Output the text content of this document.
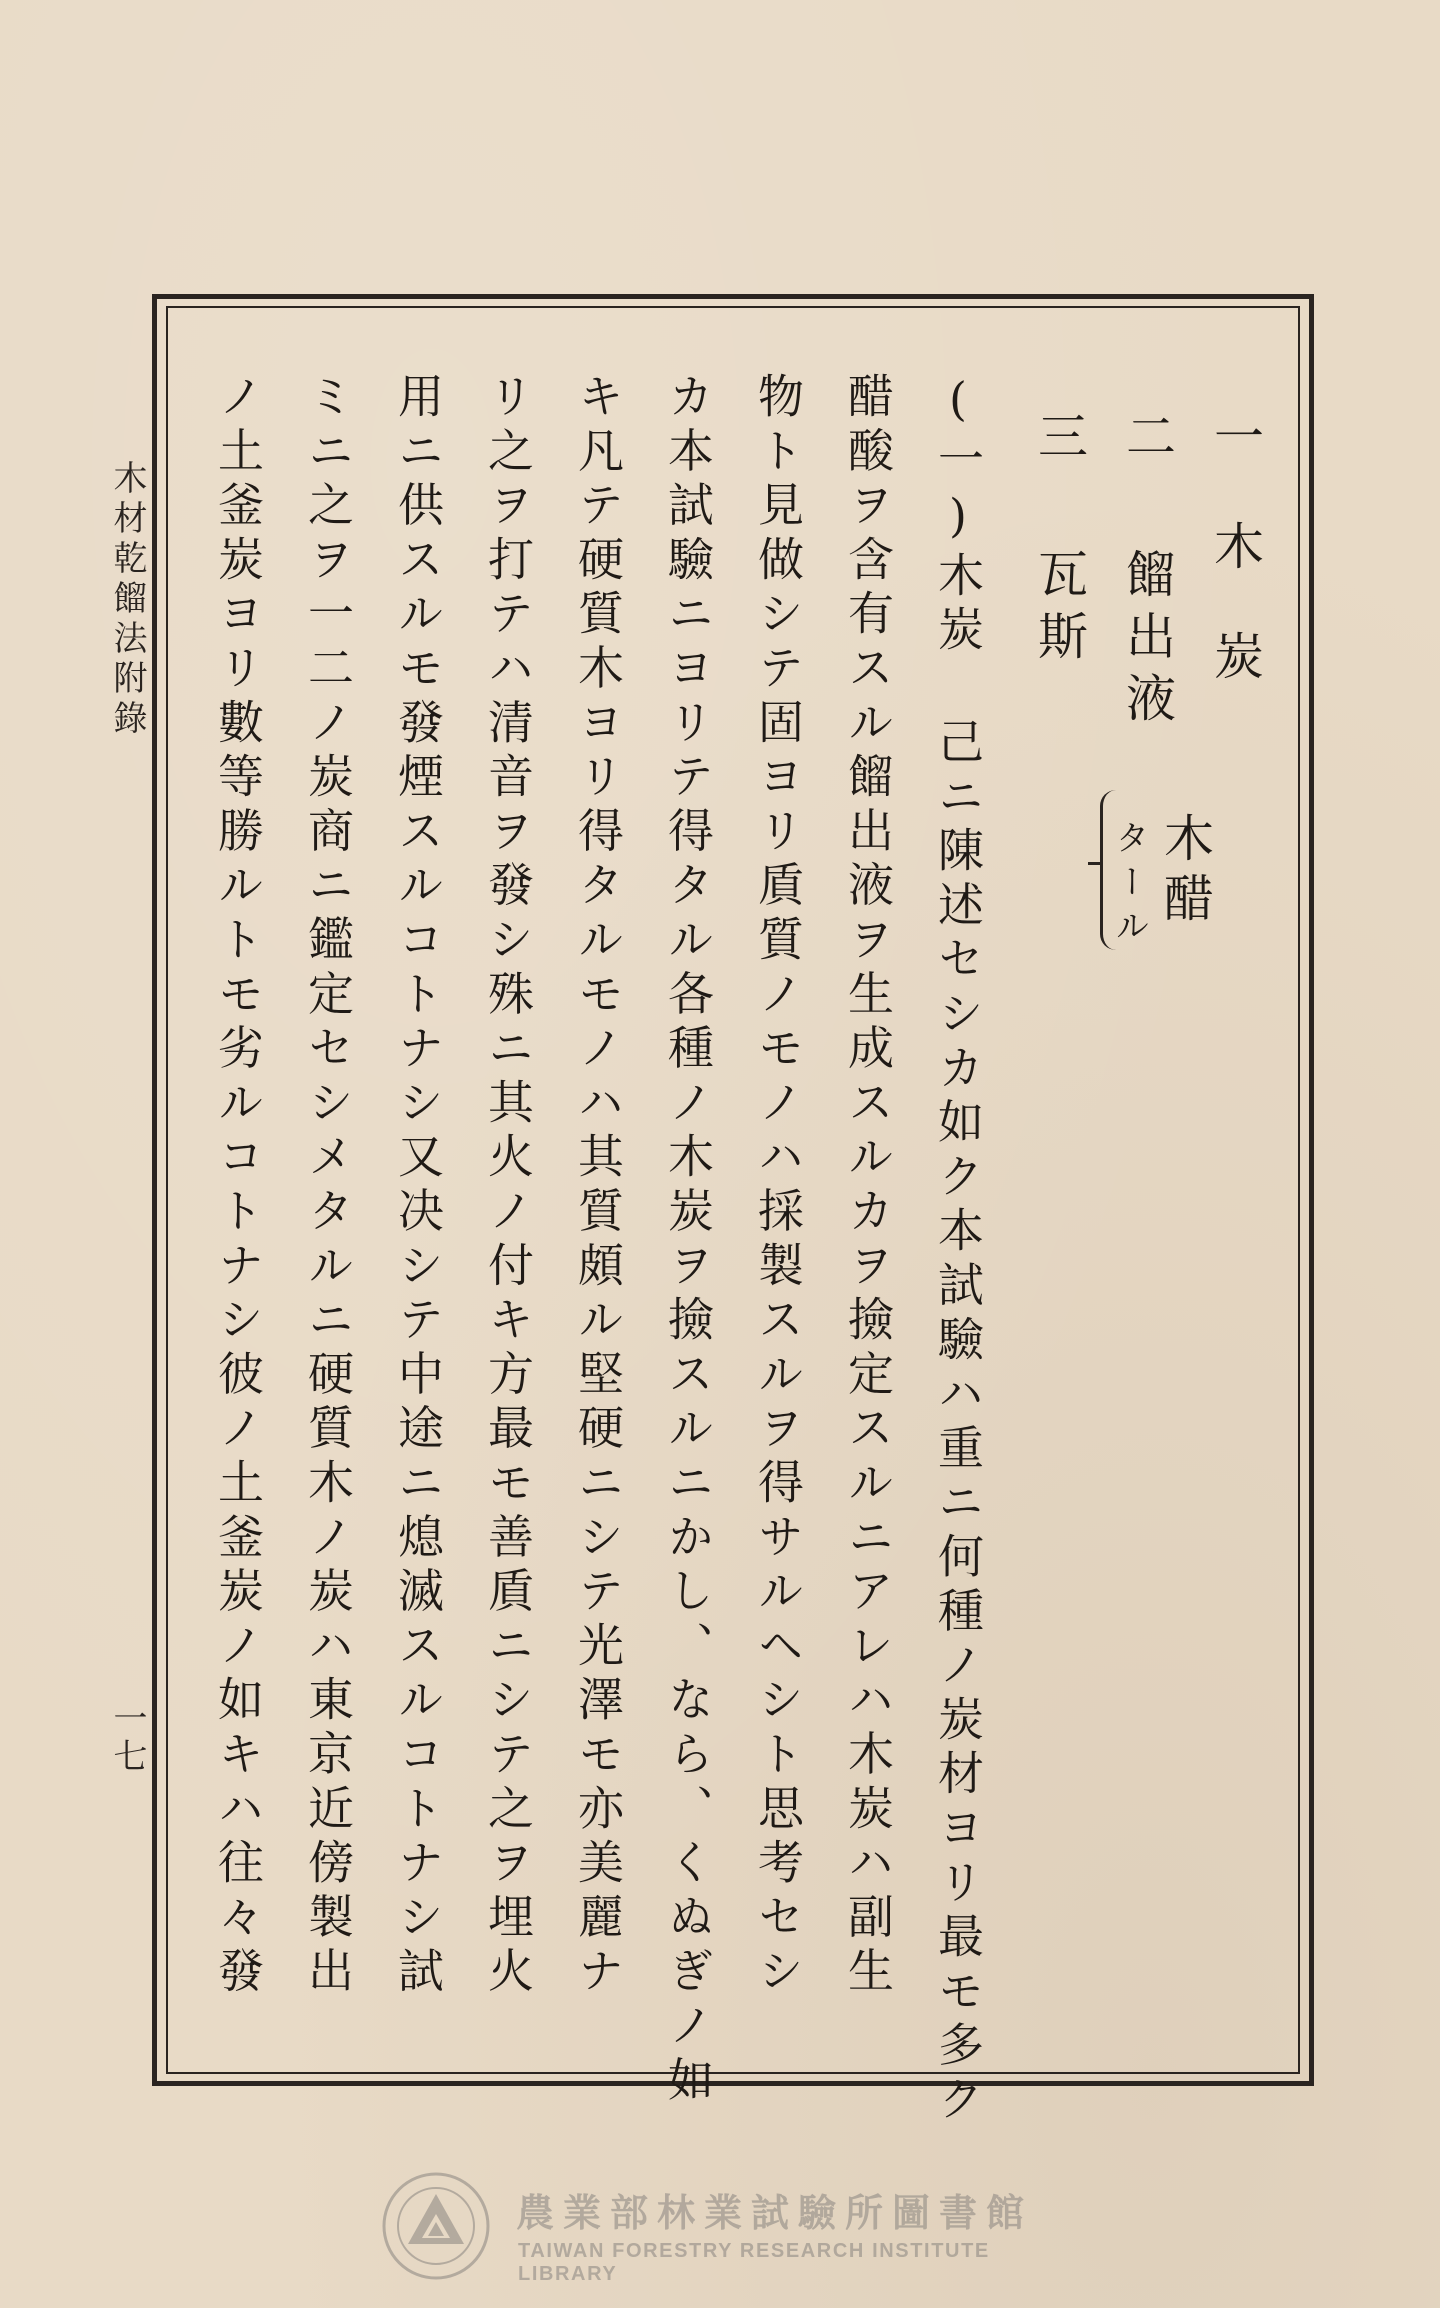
一木炭
二餾出液
木醋
タール
三瓦斯
(一)木炭己ニ陳述セシカ如ク本試驗ハ重ニ何種ノ炭材ヨリ最モ多ク
醋酸ヲ含有スル餾出液ヲ生成スルカヲ撿定スルニアレハ木炭ハ副生
物ト見做シテ固ヨリ貭質ノモノハ採製スルヲ得サルヘシト思考セシ
カ本試驗ニヨリテ得タル各種ノ木炭ヲ撿スルニかし、なら、くぬぎノ如
キ凡テ硬質木ヨリ得タルモノハ其質頗ル堅硬ニシテ光澤モ亦美麗ナ
リ之ヲ打テハ清音ヲ發シ殊ニ其火ノ付キ方最モ善貭ニシテ之ヲ埋火
用ニ供スルモ發煙スルコトナシ又决シテ中途ニ熄滅スルコトナシ試
ミニ之ヲ一二ノ炭商ニ鑑定セシメタルニ硬質木ノ炭ハ東京近傍製出
ノ土釜炭ヨリ數等勝ルトモ劣ルコトナシ彼ノ土釜炭ノ如キハ往々發
木材乾餾法附錄
一七
農業部林業試驗所圖書館
TAIWAN FORESTRY RESEARCH INSTITUTE LIBRARY
